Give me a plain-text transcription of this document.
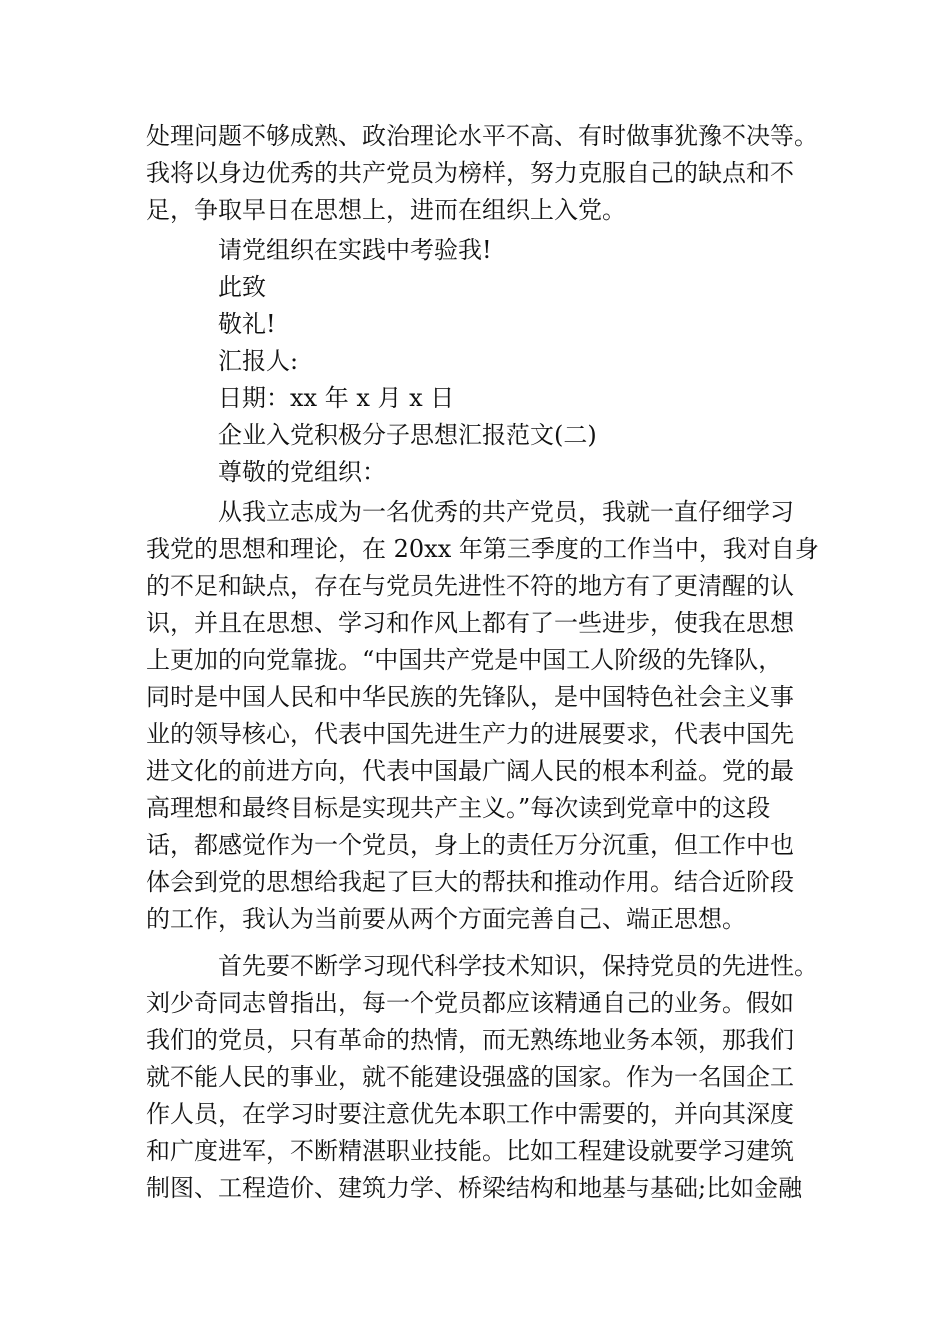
处理问题不够成熟、政治理论水平不高、有时做事犹豫不决等。
我将以身边优秀的共产党员为榜样，努力克服自己的缺点和不
足，争取早日在思想上，进而在组织上入党。
请党组织在实践中考验我!
此致
敬礼!
汇报人:
日期：xx 年 x 月 x 日
企业入党积极分子思想汇报范文(二)
尊敬的党组织：
从我立志成为一名优秀的共产党员，我就一直仔细学习
我党的思想和理论，在 20xx 年第三季度的工作当中，我对自身
的不足和缺点，存在与党员先进性不符的地方有了更清醒的认
识，并且在思想、学习和作风上都有了一些进步，使我在思想
上更加的向党靠拢。“中国共产党是中国工人阶级的先锋队，
同时是中国人民和中华民族的先锋队，是中国特色社会主义事
业的领导核心，代表中国先进生产力的进展要求，代表中国先
进文化的前进方向，代表中国最广阔人民的根本利益。党的最
高理想和最终目标是实现共产主义。”每次读到党章中的这段
话，都感觉作为一个党员，身上的责任万分沉重，但工作中也
体会到党的思想给我起了巨大的帮扶和推动作用。结合近阶段
的工作，我认为当前要从两个方面完善自己、端正思想。
首先要不断学习现代科学技术知识，保持党员的先进性。
刘少奇同志曾指出，每一个党员都应该精通自己的业务。假如
我们的党员，只有革命的热情，而无熟练地业务本领，那我们
就不能人民的事业，就不能建设强盛的国家。作为一名国企工
作人员，在学习时要注意优先本职工作中需要的，并向其深度
和广度进军，不断精湛职业技能。比如工程建设就要学习建筑
制图、工程造价、建筑力学、桥梁结构和地基与基础;比如金融
